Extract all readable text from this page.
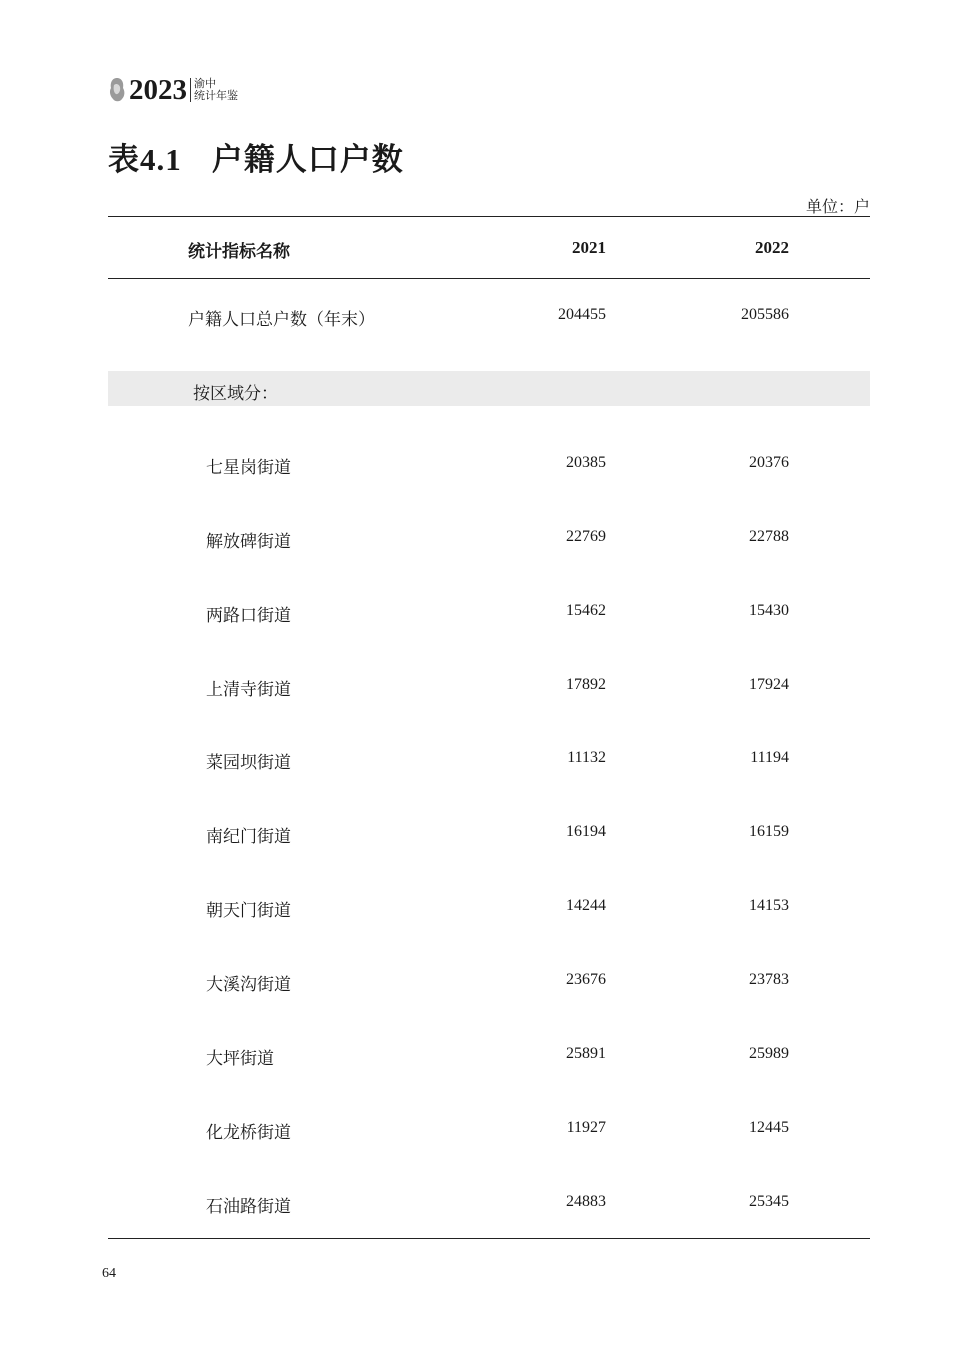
2023 渝中
统计年鉴
表4.1 户籍人口户数
单位：户
统计指标名称	2021	2022
户籍人口总户数（年末）	204455	205586
按区域分：
七星岗街道	20385	20376
解放碑街道	22769	22788
两路口街道	15462	15430
上清寺街道	17892	17924
菜园坝街道	11132	11194
南纪门街道	16194	16159
朝天门街道	14244	14153
大溪沟街道	23676	23783
大坪街道	25891	25989
化龙桥街道	11927	12445
石油路街道	24883	25345
64
